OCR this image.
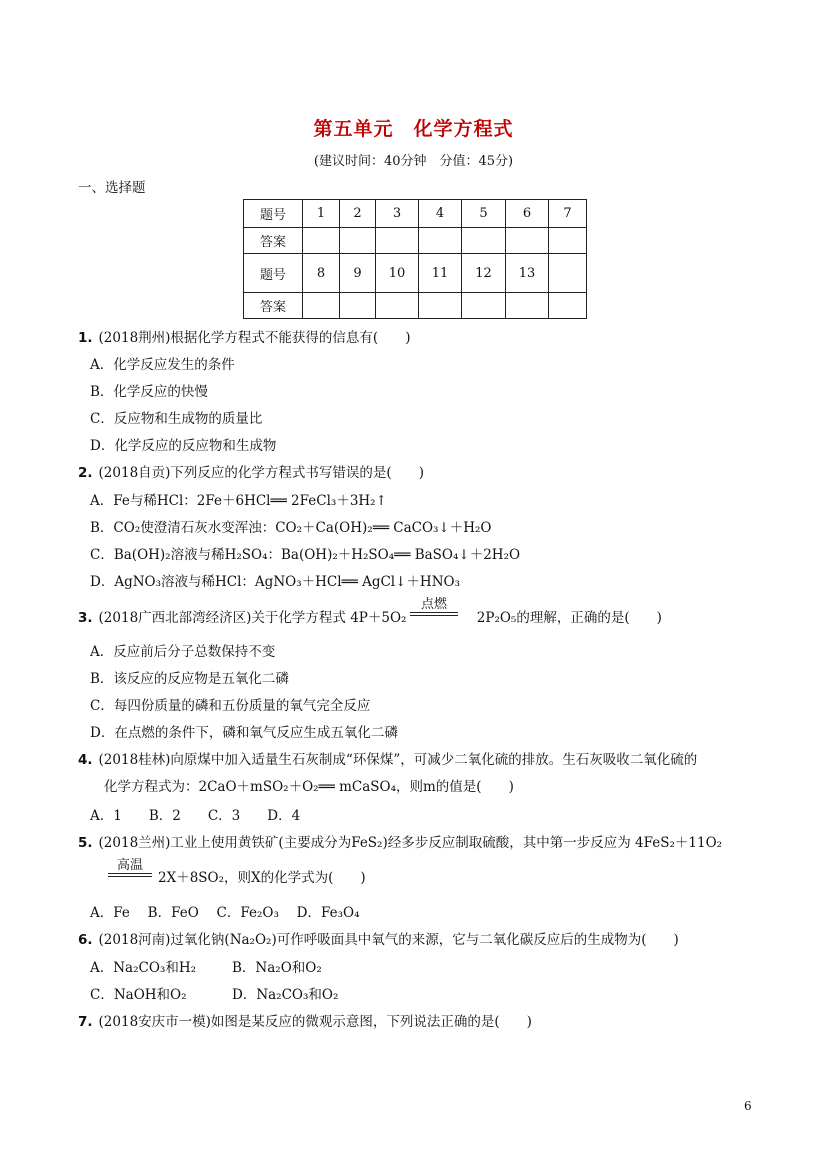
第五单元　化学方程式
(建议时间：40分钟　分值：45分)
一、选择题
题号	1	2	3	4	5	6	7
答案							
题号	8	9	10	11	12	13	
答案							
1. (2018荆州)根据化学方程式不能获得的信息有(　　)
A．化学反应发生的条件
B．化学反应的快慢
C．反应物和生成物的质量比
D．化学反应的反应物和生成物
2. (2018自贡)下列反应的化学方程式书写错误的是(　　)
A．Fe与稀HCl：2Fe＋6HCl══ 2FeCl₃＋3H₂↑
B．CO₂使澄清石灰水变浑浊：CO₂＋Ca(OH)₂══ CaCO₃↓＋H₂O
C．Ba(OH)₂溶液与稀H₂SO₄：Ba(OH)₂＋H₂SO₄══ BaSO₄↓＋2H₂O
D．AgNO₃溶液与稀HCl：AgNO₃＋HCl══ AgCl↓＋HNO₃
3. (2018广西北部湾经济区)关于化学方程式 4P＋5O₂	2P₂O₅的理解，正确的是(　　)
点燃
A．反应前后分子总数保持不变
B．该反应的反应物是五氧化二磷
C．每四份质量的磷和五份质量的氧气完全反应
D．在点燃的条件下，磷和氧气反应生成五氧化二磷
4. (2018桂林)向原煤中加入适量生石灰制成“环保煤”，可减少二氧化硫的排放。生石灰吸收二氧化硫的
化学方程式为：2CaO＋mSO₂＋O₂══ mCaSO₄，则m的值是(　　)
A．1　　B．2　　C．3　　D．4
5. (2018兰州)工业上使用黄铁矿(主要成分为FeS₂)经多步反应制取硫酸，其中第一步反应为 4FeS₂＋11O₂
高温
2X＋8SO₂，则X的化学式为(　　)
A．Fe　 B．FeO　 C．Fe₂O₃　 D．Fe₃O₄
6. (2018河南)过氧化钠(Na₂O₂)可作呼吸面具中氧气的来源，它与二氧化碳反应后的生成物为(　　)
A．Na₂CO₃和H₂	B．Na₂O和O₂
C．NaOH和O₂	D．Na₂CO₃和O₂
7. (2018安庆市一模)如图是某反应的微观示意图，下列说法正确的是(　　)
6
